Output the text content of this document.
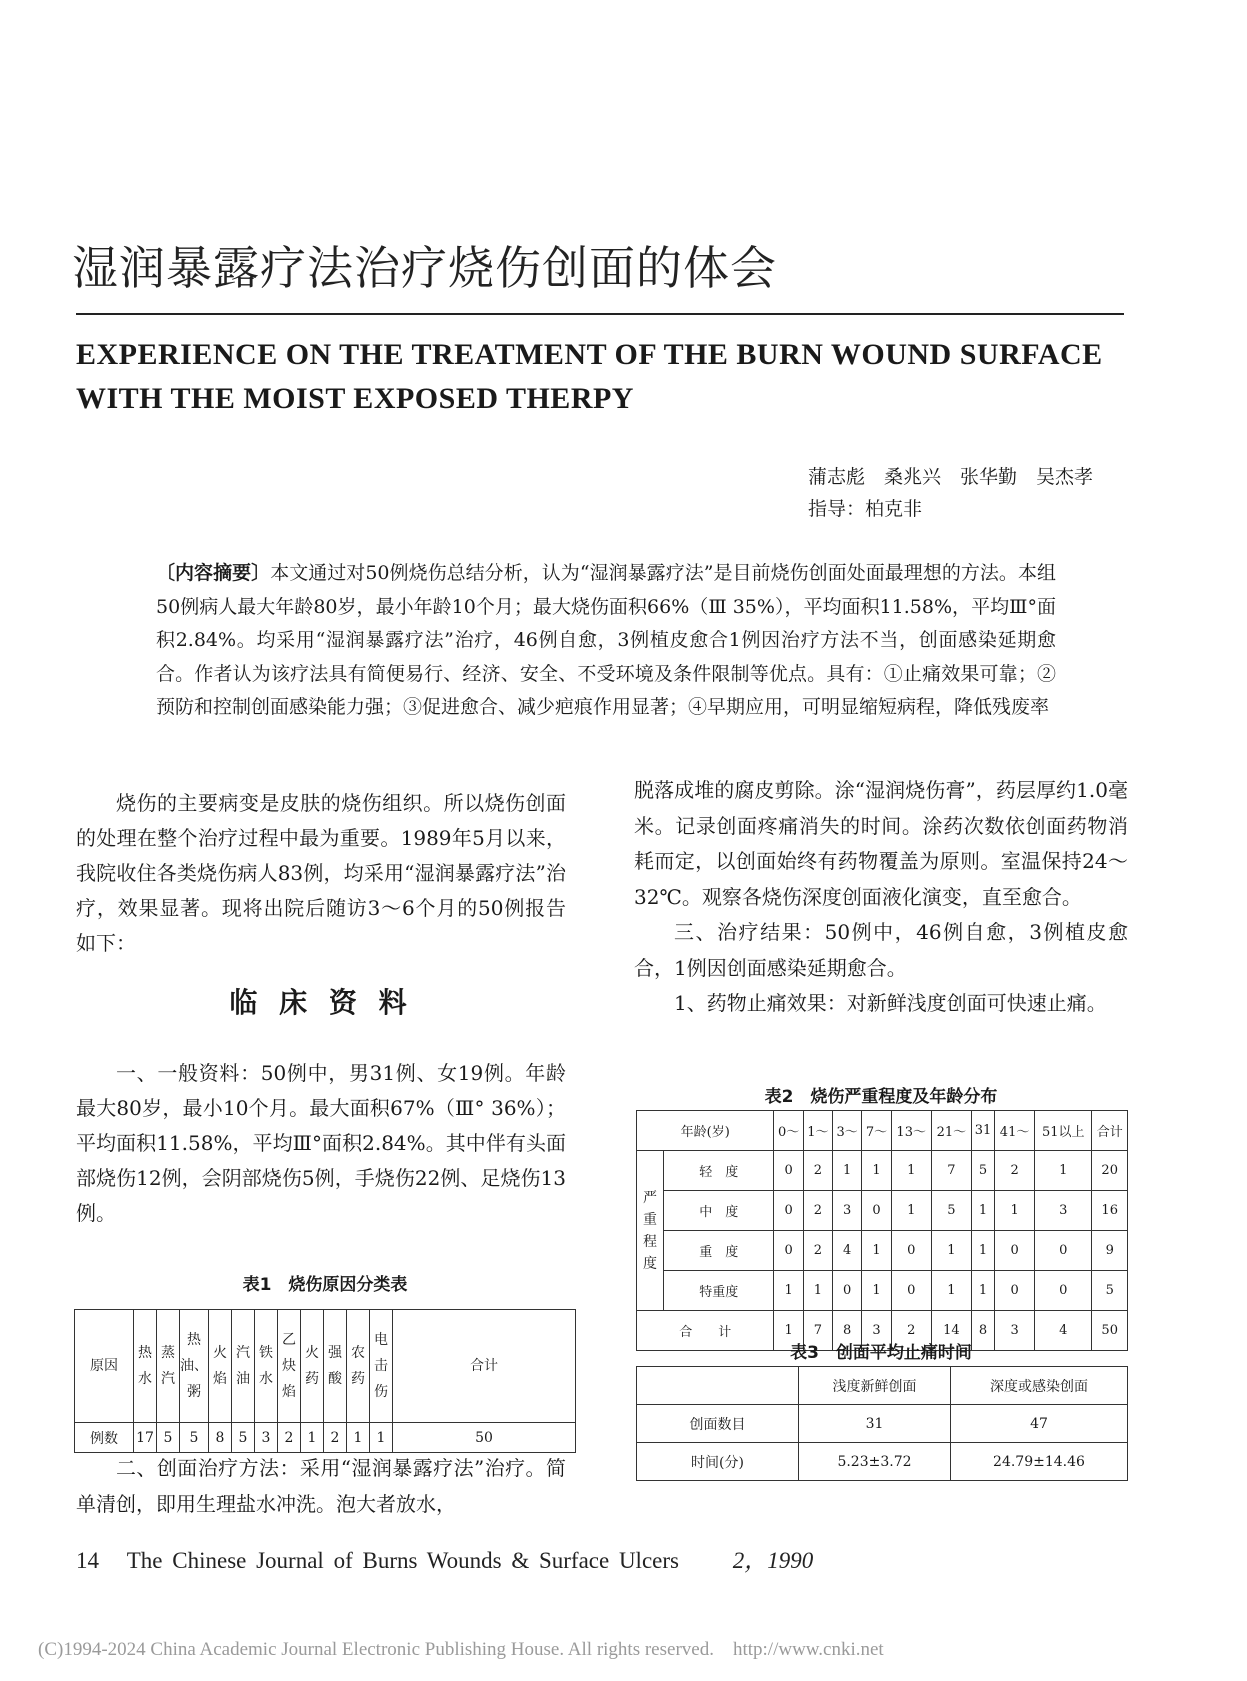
湿润暴露疗法治疗烧伤创面的体会
EXPERIENCE ON THE TREATMENT OF THE BURN WOUND SURFACE
WITH THE MOIST EXPOSED THERPY
蒲志彪　桑兆兴　张华勤　吴杰孝
指导：柏克非
〔内容摘要〕本文通过对50例烧伤总结分析，认为“湿润暴露疗法”是目前烧伤创面处面最理想的方法。本组50例病人最大年龄80岁，最小年龄10个月；最大烧伤面积66%（Ⅲ 35%），平均面积11.58%，平均Ⅲ°面积2.84%。均采用“湿润暴露疗法”治疗，46例自愈，3例植皮愈合1例因治疗方法不当，创面感染延期愈合。作者认为该疗法具有简便易行、经济、安全、不受环境及条件限制等优点。具有：①止痛效果可靠；②预防和控制创面感染能力强；③促进愈合、减少疤痕作用显著；④早期应用，可明显缩短病程，降低残废率

烧伤的主要病变是皮肤的烧伤组织。所以烧伤创面的处理在整个治疗过程中最为重要。1989年5月以来，我院收住各类烧伤病人83例，均采用“湿润暴露疗法”治疗，效果显著。现将出院后随访3～6个月的50例报告如下：

临 床 资 料

一、一般资料：50例中，男31例、女19例。年龄最大80岁，最小10个月。最大面积67%（Ⅲ° 36%）；平均面积11.58%，平均Ⅲ°面积2.84%。其中伴有头面部烧伤12例，会阴部烧伤5例，手烧伤22例、足烧伤13例。

表1　烧伤原因分类表
原因	热水	蒸汽	热油、粥	火焰	汽油	铁水	乙炔焰	火药	强酸	农药	电击伤	合计
例数	17	5	5	8	5	3	2	1	2	1	1	50

二、创面治疗方法：采用“湿润暴露疗法”治疗。简单清创，即用生理盐水冲洗。泡大者放水，

脱落成堆的腐皮剪除。涂“湿润烧伤膏”，药层厚约1.0毫米。记录创面疼痛消失的时间。涂药次数依创面药物消耗而定，以创面始终有药物覆盖为原则。室温保持24～32℃。观察各烧伤深度创面液化演变，直至愈合。

三、治疗结果：50例中，46例自愈，3例植皮愈合，1例因创面感染延期愈合。

1、药物止痛效果：对新鲜浅度创面可快速止痛。

表2　烧伤严重程度及年龄分布
年龄(岁)		0～	1～	3～	7～	13～	21～	31	41～	51以上	合计
严重程度	轻　度	0	2	1	1	1	7	5	2	1	20
	中　度	0	2	3	0	1	5	1	1	3	16
	重　度	0	2	4	1	0	1	1	0	0	9
	特重度	1	1	0	1	0	1	1	0	0	5
合　　计		1	7	8	3	2	14	8	3	4	50
表3　创面平均止痛时间
	浅度新鲜创面	深度或感染创面
创面数目	31	47
时间(分)	5.23±3.72	24.79±14.46
14 The Chinese Journal of Burns Wounds & Surface Ulcers 2，1990
(C)1994-2024 China Academic Journal Electronic Publishing House. All rights reserved.　http://www.cnki.net
